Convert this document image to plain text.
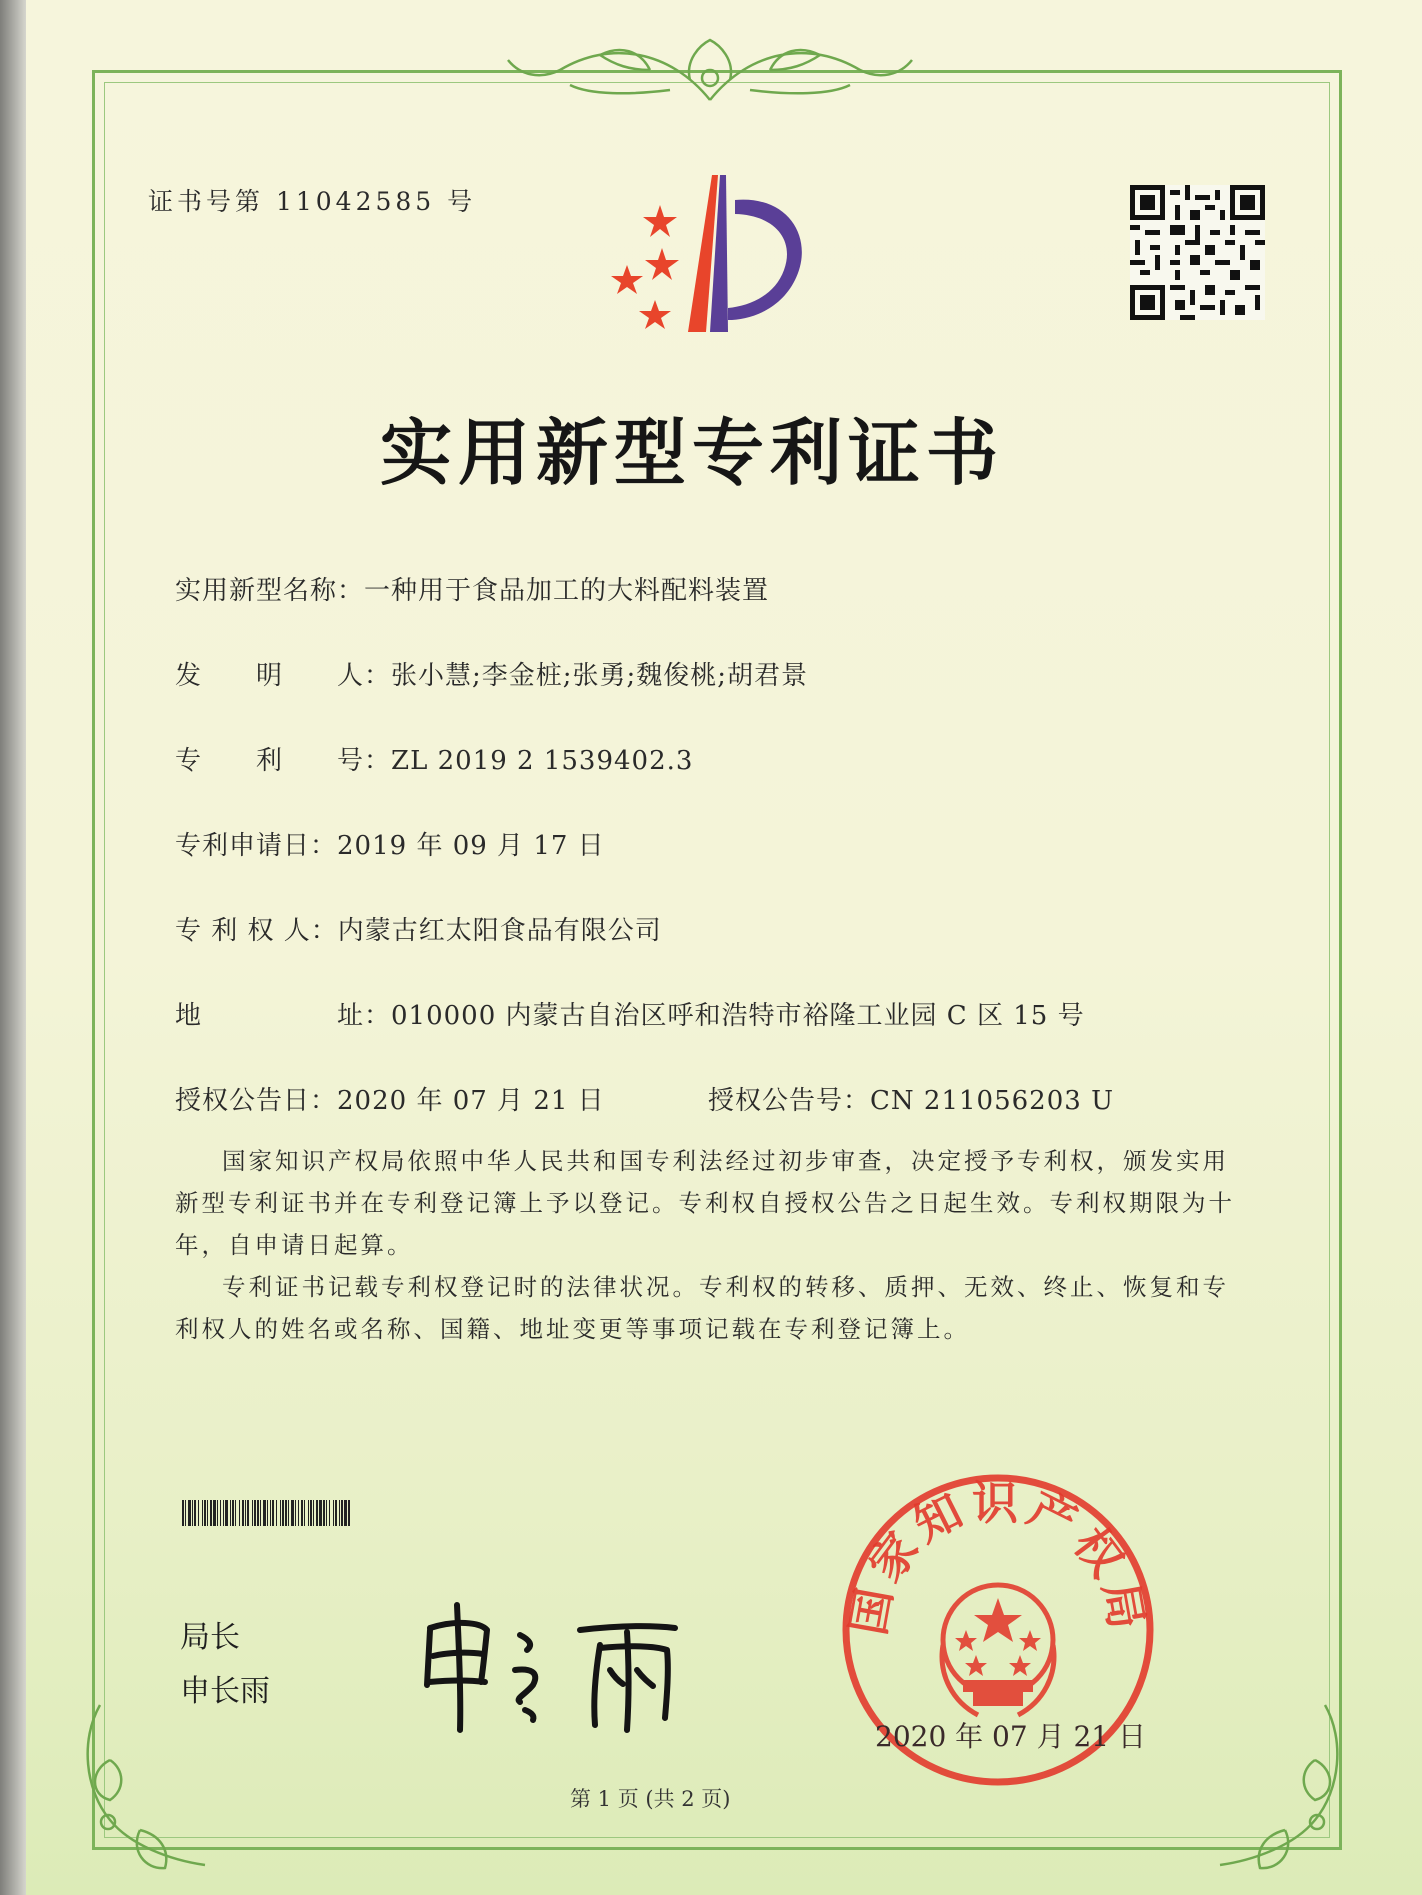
证书号第 11042585 号
实用新型专利证书
实用新型名称：一种用于食品加工的大料配料装置
发　　明　　人：张小慧;李金桩;张勇;魏俊桃;胡君景
专　　利　　号：ZL 2019 2 1539402.3
专利申请日：2019 年 09 月 17 日
专 利 权 人：内蒙古红太阳食品有限公司
地　　　　　址：010000 内蒙古自治区呼和浩特市裕隆工业园 C 区 15 号
授权公告日：2020 年 07 月 21 日	授权公告号：CN 211056203 U

国家知识产权局依照中华人民共和国专利法经过初步审查，决定授予专利权，颁发实用新型专利证书并在专利登记簿上予以登记。专利权自授权公告之日起生效。专利权期限为十年，自申请日起算。

专利证书记载专利权登记时的法律状况。专利权的转移、质押、无效、终止、恢复和专利权人的姓名或名称、国籍、地址变更等事项记载在专利登记簿上。

局长
申长雨
国家知识产权局
2020 年 07 月 21 日
第 1 页 (共 2 页)
